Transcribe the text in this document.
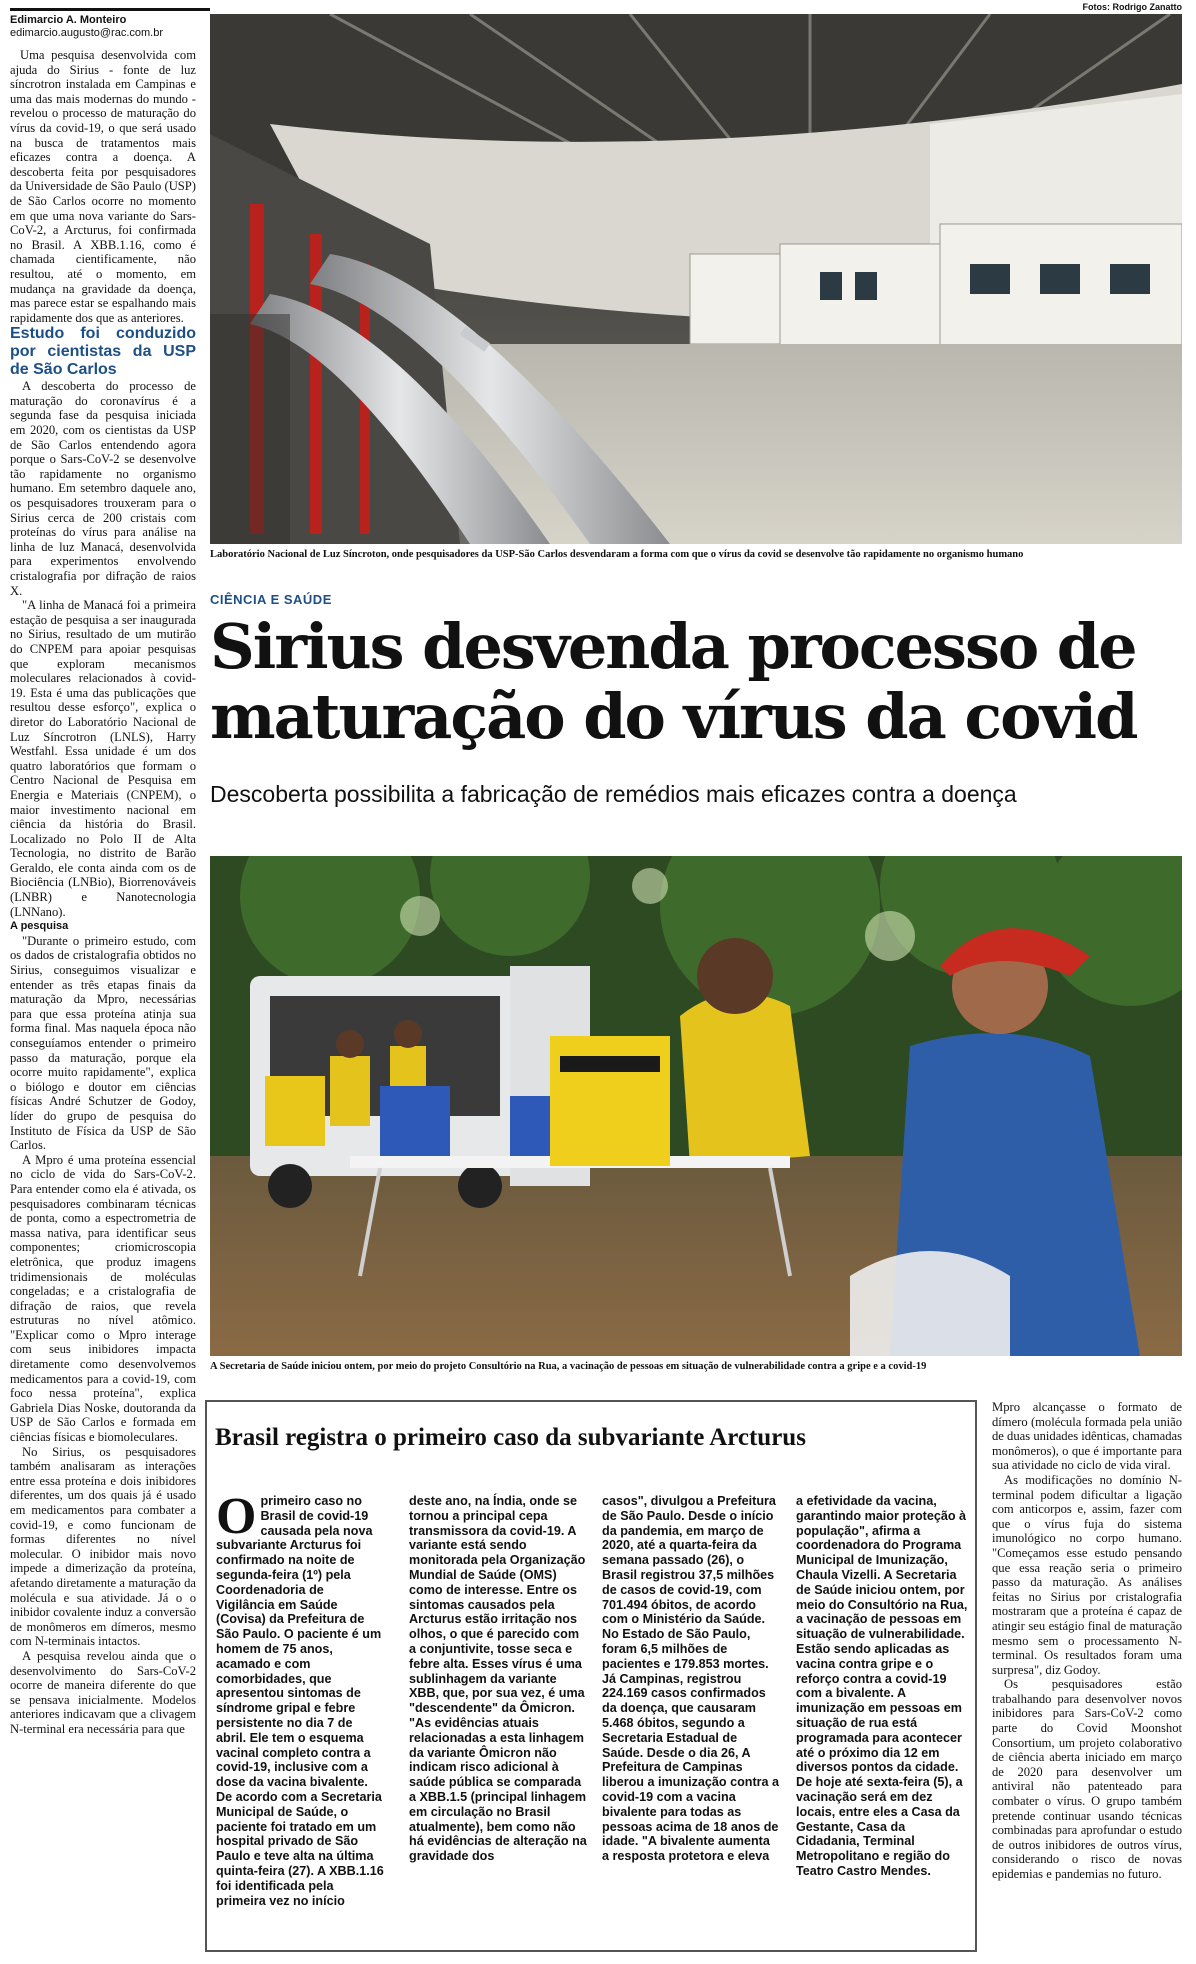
Edimarcio A. Monteiro
edimarcio.augusto@rac.com.br

Uma pesquisa desenvolvida com ajuda do Sirius - fonte de luz síncrotron instalada em Campinas e uma das mais modernas do mundo - revelou o processo de maturação do vírus da covid-19, o que será usado na busca de tratamentos mais eficazes contra a doença. A descoberta feita por pesquisadores da Universidade de São Paulo (USP) de São Carlos ocorre no momento em que uma nova variante do Sars-CoV-2, a Arcturus, foi confirmada no Brasil. A XBB.1.16, como é chamada cientificamente, não resultou, até o momento, em mudança na gravidade da doença, mas parece estar se espalhando mais rapidamente dos que as anteriores.

Estudo foi conduzido por cientistas da USP de São Carlos

A descoberta do processo de maturação do coronavírus é a segunda fase da pesquisa iniciada em 2020, com os cientistas da USP de São Carlos entendendo agora porque o Sars-CoV-2 se desenvolve tão rapidamente no organismo humano. Em setembro daquele ano, os pesquisadores trouxeram para o Sirius cerca de 200 cristais com proteínas do vírus para análise na linha de luz Manacá, desenvolvida para experimentos envolvendo cristalografia por difração de raios X.

"A linha de Manacá foi a primeira estação de pesquisa a ser inaugurada no Sirius, resultado de um mutirão do CNPEM para apoiar pesquisas que exploram mecanismos moleculares relacionados à covid-19. Esta é uma das publicações que resultou desse esforço", explica o diretor do Laboratório Nacional de Luz Síncrotron (LNLS), Harry Westfahl. Essa unidade é um dos quatro laboratórios que formam o Centro Nacional de Pesquisa em Energia e Materiais (CNPEM), o maior investimento nacional em ciência da história do Brasil. Localizado no Polo II de Alta Tecnologia, no distrito de Barão Geraldo, ele conta ainda com os de Biociência (LNBio), Biorrenováveis (LNBR) e Nanotecnologia (LNNano).

A pesquisa

"Durante o primeiro estudo, com os dados de cristalografia obtidos no Sirius, conseguimos visualizar e entender as três etapas finais da maturação da Mpro, necessárias para que essa proteína atinja sua forma final. Mas naquela época não conseguíamos entender o primeiro passo da maturação, porque ela ocorre muito rapidamente", explica o biólogo e doutor em ciências físicas André Schutzer de Godoy, líder do grupo de pesquisa do Instituto de Física da USP de São Carlos.

A Mpro é uma proteína essencial no ciclo de vida do Sars-CoV-2. Para entender como ela é ativada, os pesquisadores combinaram técnicas de ponta, como a espectrometria de massa nativa, para identificar seus componentes; criomicroscopia eletrônica, que produz imagens tridimensionais de moléculas congeladas; e a cristalografia de difração de raios, que revela estruturas no nível atômico. "Explicar como o Mpro interage com seus inibidores impacta diretamente como desenvolvemos medicamentos para a covid-19, com foco nessa proteína", explica Gabriela Dias Noske, doutoranda da USP de São Carlos e formada em ciências físicas e biomoleculares.

No Sirius, os pesquisadores também analisaram as interações entre essa proteína e dois inibidores diferentes, um dos quais já é usado em medicamentos para combater a covid-19, e como funcionam de formas diferentes no nível molecular. O inibidor mais novo impede a dimerização da proteína, afetando diretamente a maturação da molécula e sua atividade. Já o o inibidor covalente induz a conversão de monômeros em dímeros, mesmo com N-terminais intactos.

A pesquisa revelou ainda que o desenvolvimento do Sars-CoV-2 ocorre de maneira diferente do que se pensava inicialmente. Modelos anteriores indicavam que a clivagem N-terminal era necessária para que

Fotos: Rodrigo Zanatto
Laboratório Nacional de Luz Síncroton, onde pesquisadores da USP-São Carlos desvendaram a forma com que o vírus da covid se desenvolve tão rapidamente no organismo humano
CIÊNCIA E SAÚDE
Sirius desvenda processo de
maturação do vírus da covid
Descoberta possibilita a fabricação de remédios mais eficazes contra a doença
A Secretaria de Saúde iniciou ontem, por meio do projeto Consultório na Rua, a vacinação de pessoas em situação de vulnerabilidade contra a gripe e a covid-19
Brasil registra o primeiro caso da subvariante Arcturus
O primeiro caso no Brasil de covid-19 causada pela nova subvariante Arcturus foi confirmado na noite de segunda-feira (1º) pela Coordenadoria de Vigilância em Saúde (Covisa) da Prefeitura de São Paulo. O paciente é um homem de 75 anos, acamado e com comorbidades, que apresentou sintomas de síndrome gripal e febre persistente no dia 7 de abril. Ele tem o esquema vacinal completo contra a covid-19, inclusive com a dose da vacina bivalente. De acordo com a Secretaria Municipal de Saúde, o paciente foi tratado em um hospital privado de São Paulo e teve alta na última quinta-feira (27). A XBB.1.16 foi identificada pela primeira vez no início
deste ano, na Índia, onde se tornou a principal cepa transmissora da covid-19. A variante está sendo monitorada pela Organização Mundial de Saúde (OMS) como de interesse. Entre os sintomas causados pela Arcturus estão irritação nos olhos, o que é parecido com a conjuntivite, tosse seca e febre alta. Esses vírus é uma sublinhagem da variante XBB, que, por sua vez, é uma "descendente" da Ômicron. "As evidências atuais relacionadas a esta linhagem da variante Ômicron não indicam risco adicional à saúde pública se comparada a XBB.1.5 (principal linhagem em circulação no Brasil atualmente), bem como não há evidências de alteração na gravidade dos
casos", divulgou a Prefeitura de São Paulo. Desde o início da pandemia, em março de 2020, até a quarta-feira da semana passado (26), o Brasil registrou 37,5 milhões de casos de covid-19, com 701.494 óbitos, de acordo com o Ministério da Saúde. No Estado de São Paulo, foram 6,5 milhões de pacientes e 179.853 mortes. Já Campinas, registrou 224.169 casos confirmados da doença, que causaram 5.468 óbitos, segundo a Secretaria Estadual de Saúde. Desde o dia 26, A Prefeitura de Campinas liberou a imunização contra a covid-19 com a vacina bivalente para todas as pessoas acima de 18 anos de idade. "A bivalente aumenta a resposta protetora e eleva
a efetividade da vacina, garantindo maior proteção à população", afirma a coordenadora do Programa Municipal de Imunização, Chaula Vizelli. A Secretaria de Saúde iniciou ontem, por meio do Consultório na Rua, a vacinação de pessoas em situação de vulnerabilidade. Estão sendo aplicadas as vacina contra gripe e o reforço contra a covid-19 com a bivalente. A imunização em pessoas em situação de rua está programada para acontecer até o próximo dia 12 em diversos pontos da cidade. De hoje até sexta-feira (5), a vacinação será em dez locais, entre eles a Casa da Gestante, Casa da Cidadania, Terminal Metropolitano e região do Teatro Castro Mendes.

Mpro alcançasse o formato de dímero (molécula formada pela união de duas unidades idênticas, chamadas monômeros), o que é importante para sua atividade no ciclo de vida viral.

As modificações no domínio N-terminal podem dificultar a ligação com anticorpos e, assim, fazer com que o vírus fuja do sistema imunológico no corpo humano. "Começamos esse estudo pensando que essa reação seria o primeiro passo da maturação. As análises feitas no Sirius por cristalografia mostraram que a proteína é capaz de atingir seu estágio final de maturação mesmo sem o processamento N-terminal. Os resultados foram uma surpresa", diz Godoy.

Os pesquisadores estão trabalhando para desenvolver novos inibidores para Sars-CoV-2 como parte do Covid Moonshot Consortium, um projeto colaborativo de ciência aberta iniciado em março de 2020 para desenvolver um antiviral não patenteado para combater o vírus. O grupo também pretende continuar usando técnicas combinadas para aprofundar o estudo de outros inibidores de outros vírus, considerando o risco de novas epidemias e pandemias no futuro.
